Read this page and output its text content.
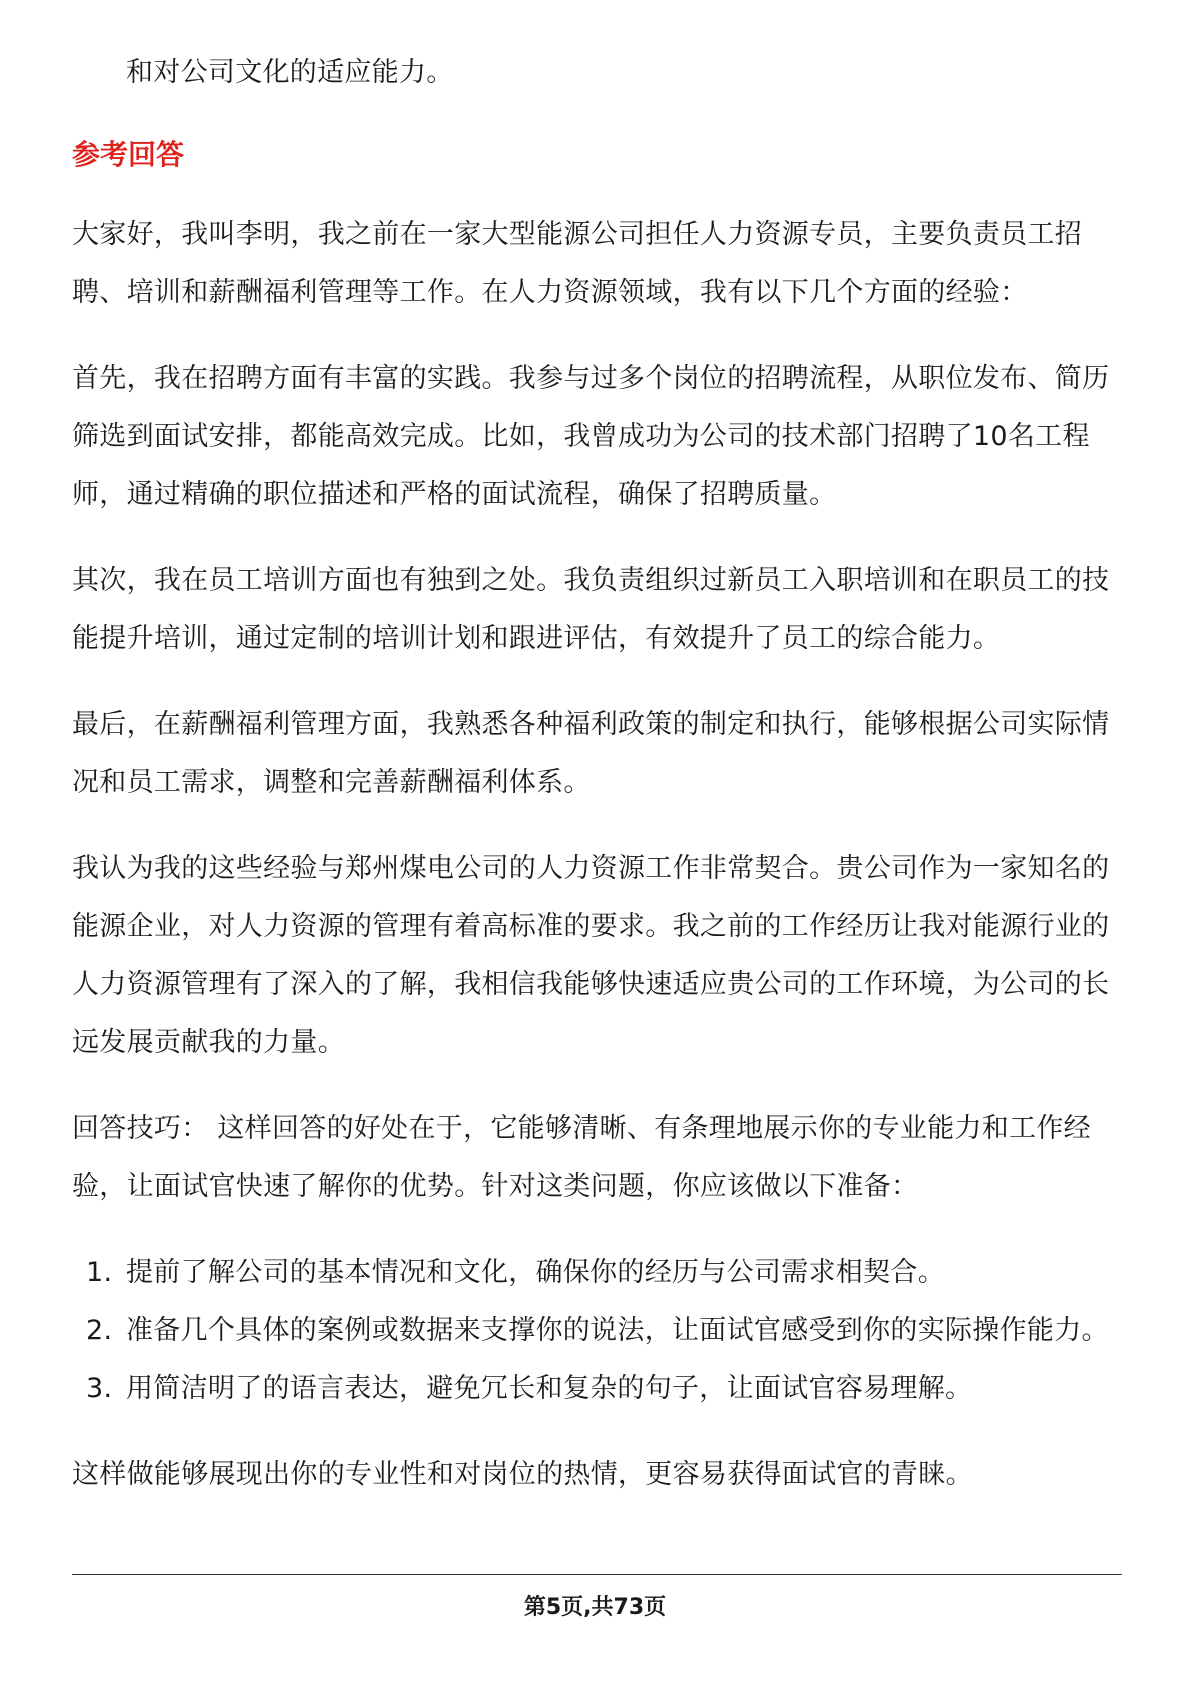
和对公司文化的适应能力。

参考回答

大家好，我叫李明，我之前在一家大型能源公司担任人力资源专员，主要负责员工招聘、培训和薪酬福利管理等工作。在人力资源领域，我有以下几个方面的经验：

首先，我在招聘方面有丰富的实践。我参与过多个岗位的招聘流程，从职位发布、简历筛选到面试安排，都能高效完成。比如，我曾成功为公司的技术部门招聘了10名工程师，通过精确的职位描述和严格的面试流程，确保了招聘质量。

其次，我在员工培训方面也有独到之处。我负责组织过新员工入职培训和在职员工的技能提升培训，通过定制的培训计划和跟进评估，有效提升了员工的综合能力。

最后，在薪酬福利管理方面，我熟悉各种福利政策的制定和执行，能够根据公司实际情况和员工需求，调整和完善薪酬福利体系。

我认为我的这些经验与郑州煤电公司的人力资源工作非常契合。贵公司作为一家知名的能源企业，对人力资源的管理有着高标准的要求。我之前的工作经历让我对能源行业的人力资源管理有了深入的了解，我相信我能够快速适应贵公司的工作环境，为公司的长远发展贡献我的力量。

回答技巧： 这样回答的好处在于，它能够清晰、有条理地展示你的专业能力和工作经验，让面试官快速了解你的优势。针对这类问题，你应该做以下准备：

1. 提前了解公司的基本情况和文化，确保你的经历与公司需求相契合。
2. 准备几个具体的案例或数据来支撑你的说法，让面试官感受到你的实际操作能力。
3. 用简洁明了的语言表达，避免冗长和复杂的句子，让面试官容易理解。

这样做能够展现出你的专业性和对岗位的热情，更容易获得面试官的青睐。

第5页,共73页
